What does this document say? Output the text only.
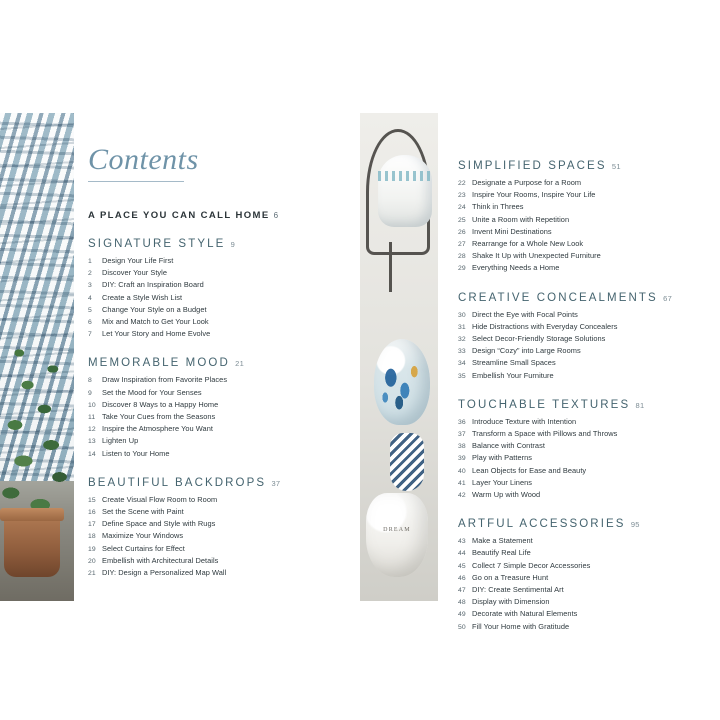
DREAM
Contents
A PLACE YOU CAN CALL HOME 6
SIGNATURE STYLE 9
1	Design Your Life First
2	Discover Your Style
3	DIY: Craft an Inspiration Board
4	Create a Style Wish List
5	Change Your Style on a Budget
6	Mix and Match to Get Your Look
7	Let Your Story and Home Evolve
MEMORABLE MOOD 21
8	Draw Inspiration from Favorite Places
9	Set the Mood for Your Senses
10 Discover 8 Ways to a Happy Home
11 Take Your Cues from the Seasons
12 Inspire the Atmosphere You Want
13 Lighten Up
14 Listen to Your Home
BEAUTIFUL BACKDROPS 37
15 Create Visual Flow Room to Room
16 Set the Scene with Paint
17 Define Space and Style with Rugs
18 Maximize Your Windows
19 Select Curtains for Effect
20 Embellish with Architectural Details
21 DIY: Design a Personalized Map Wall
SIMPLIFIED SPACES 51
22 Designate a Purpose for a Room
23 Inspire Your Rooms, Inspire Your Life
24 Think in Threes
25 Unite a Room with Repetition
26 Invent Mini Destinations
27 Rearrange for a Whole New Look
28 Shake It Up with Unexpected Furniture
29 Everything Needs a Home
CREATIVE CONCEALMENTS 67
30 Direct the Eye with Focal Points
31 Hide Distractions with Everyday Concealers
32 Select Decor-Friendly Storage Solutions
33 Design “Cozy” into Large Rooms
34 Streamline Small Spaces
35 Embellish Your Furniture
TOUCHABLE TEXTURES 81
36 Introduce Texture with Intention
37 Transform a Space with Pillows and Throws
38 Balance with Contrast
39 Play with Patterns
40 Lean Objects for Ease and Beauty
41 Layer Your Linens
42 Warm Up with Wood
ARTFUL ACCESSORIES 95
43 Make a Statement
44 Beautify Real Life
45 Collect 7 Simple Decor Accessories
46 Go on a Treasure Hunt
47 DIY: Create Sentimental Art
48 Display with Dimension
49 Decorate with Natural Elements
50 Fill Your Home with Gratitude
